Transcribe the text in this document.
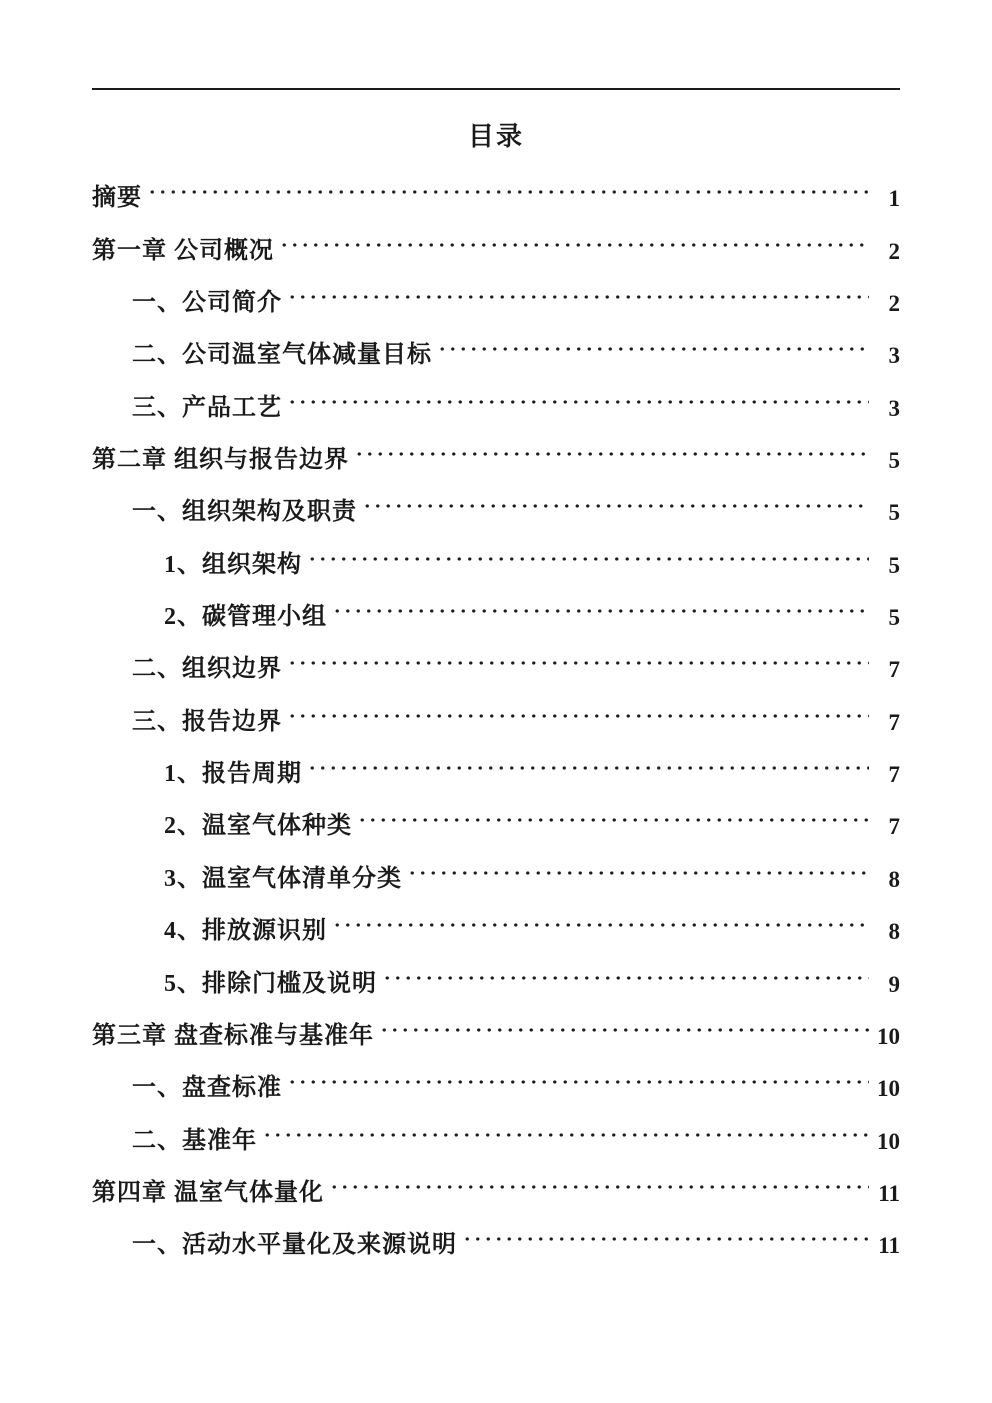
目录
摘要	1
第一章 公司概况	2
一、公司简介	2
二、公司温室气体减量目标	3
三、产品工艺	3
第二章 组织与报告边界	5
一、组织架构及职责	5
1、组织架构	5
2、碳管理小组	5
二、组织边界	7
三、报告边界	7
1、报告周期	7
2、温室气体种类	7
3、温室气体清单分类	8
4、排放源识别	8
5、排除门槛及说明	9
第三章 盘查标准与基准年	10
一、盘查标准	10
二、基准年	10
第四章 温室气体量化	11
一、活动水平量化及来源说明	11
